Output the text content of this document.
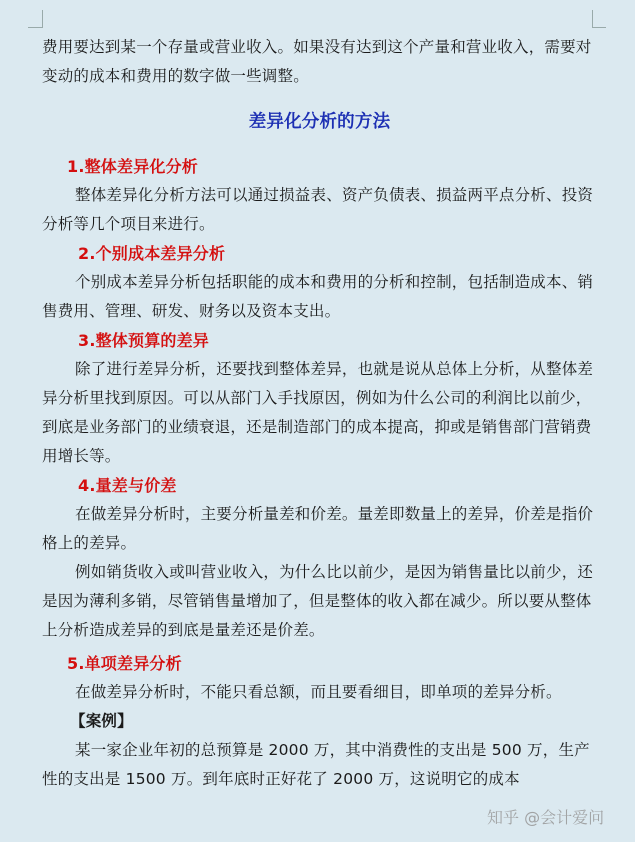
费用要达到某一个存量或营业收入。如果没有达到这个产量和营业收入，需要对变动的成本和费用的数字做一些调整。

差异化分析的方法

1.整体差异化分析

整体差异化分析方法可以通过损益表、资产负债表、损益两平点分析、投资分析等几个项目来进行。

2.个别成本差异分析

个别成本差异分析包括职能的成本和费用的分析和控制，包括制造成本、销售费用、管理、研发、财务以及资本支出。

3.整体预算的差异

除了进行差异分析，还要找到整体差异，也就是说从总体上分析，从整体差异分析里找到原因。可以从部门入手找原因，例如为什么公司的利润比以前少，到底是业务部门的业绩衰退，还是制造部门的成本提高，抑或是销售部门营销费用增长等。

4.量差与价差

在做差异分析时，主要分析量差和价差。量差即数量上的差异，价差是指价格上的差异。

例如销货收入或叫营业收入，为什么比以前少，是因为销售量比以前少，还是因为薄利多销，尽管销售量增加了，但是整体的收入都在减少。所以要从整体上分析造成差异的到底是量差还是价差。

5.单项差异分析

在做差异分析时，不能只看总额，而且要看细目，即单项的差异分析。

【案例】

某一家企业年初的总预算是 2000 万，其中消费性的支出是 500 万，生产性的支出是 1500 万。到年底时正好花了 2000 万，这说明它的成本

知乎 @会计爱问
